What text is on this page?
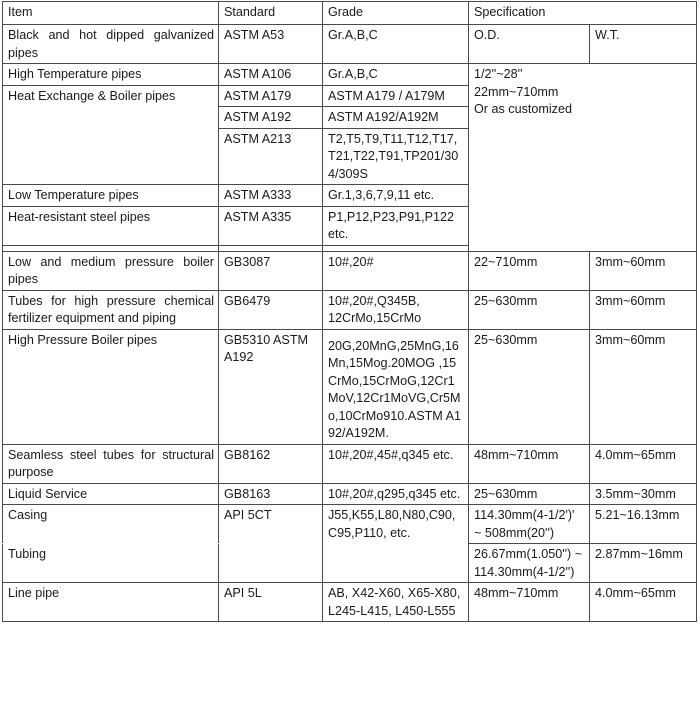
Item	Standard	Grade	Specification	
Black and hot dipped galvanized pipes	ASTM A53	Gr.A,B,C	O.D.	W.T.
High Temperature pipes	ASTM A106	Gr.A,B,C	1/2''~28''
22mm~710mm
Or as customized	

Heat Exchange & Boiler pipes	ASTM A179	ASTM A179 / A179M		
	ASTM A192	ASTM A192/A192M		
	ASTM A213	T2,T5,T9,T11,T12,T17,T21,T22,T91,TP201/304/309S		
Low Temperature pipes	ASTM A333	Gr.1,3,6,7,9,11 etc.		
Heat-resistant steel pipes	ASTM A335	P1,P12,P23,P91,P122 etc.		

Low and medium pressure boiler pipes	GB3087	10#,20#	22~710mm	3mm~60mm
Tubes for high pressure chemical fertilizer equipment and piping	GB6479	10#,20#,Q345B, 12CrMo,15CrMo	25~630mm	3mm~60mm
High Pressure Boiler pipes	GB5310 ASTM A192	20G,20MnG,25MnG,16Mn,15Mog.20MOG ,15CrMo,15CrMoG,12Cr1MoV,12Cr1MoVG,Cr5Mo,10CrMo910.ASTM A192/A192M.	25~630mm	3mm~60mm
Seamless steel tubes for structural purpose	GB8162	10#,20#,45#,q345 etc.	48mm~710mm	4.0mm~65mm
Liquid Service	GB8163	10#,20#,q295,q345 etc.	25~630mm	3.5mm~30mm
Casing	API 5CT	J55,K55,L80,N80,C90,C95,P110, etc.	114.30mm(4-1/2')' ~ 508mm(20'')	5.21~16.13mm
Tubing			26.67mm(1.050'') ~ 114.30mm(4-1/2'')	2.87mm~16mm
Line pipe	API 5L	AB, X42-X60, X65-X80, L245-L415, L450-L555	48mm~710mm	4.0mm~65mm
